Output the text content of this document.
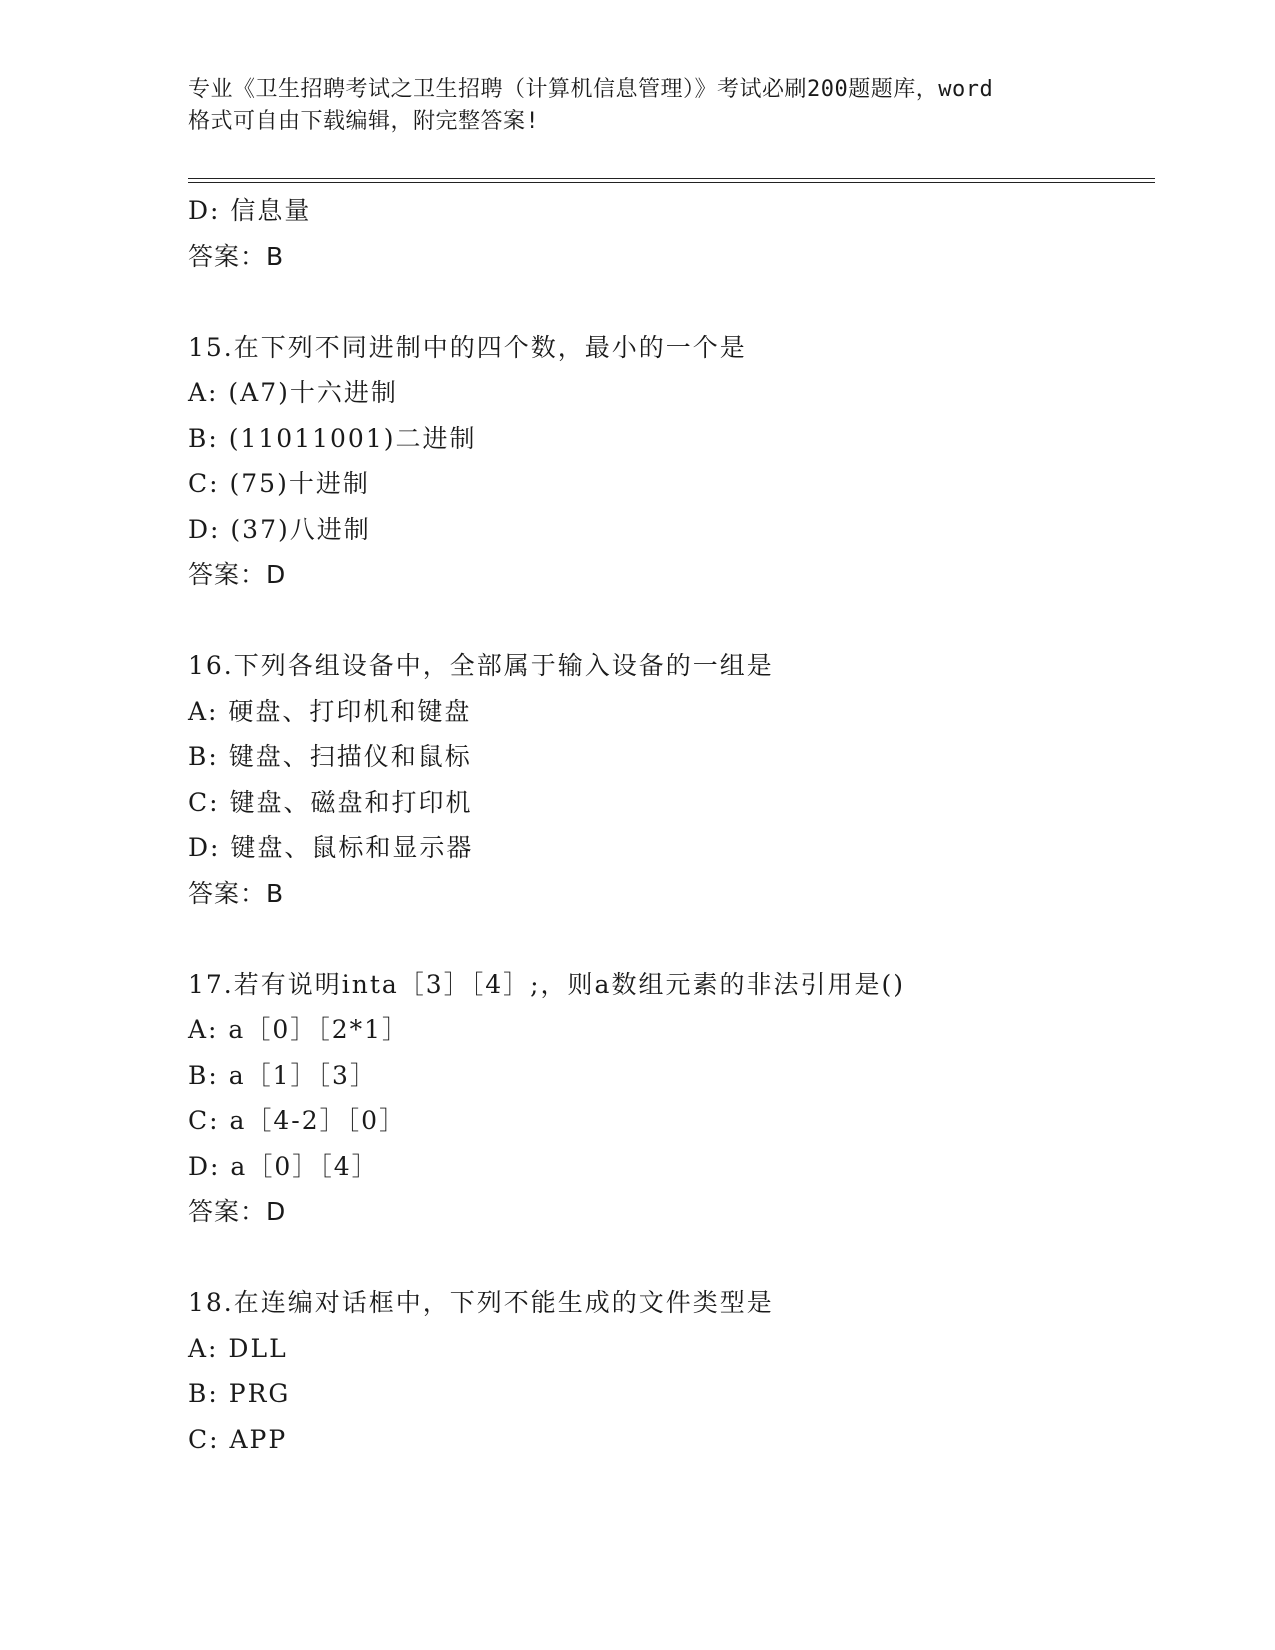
专业《卫生招聘考试之卫生招聘（计算机信息管理）》考试必刷200题题库，word
格式可自由下载编辑，附完整答案!
D: 信息量
答案：B
15.在下列不同进制中的四个数，最小的一个是
A: (A7)十六进制
B: (11011001)二进制
C: (75)十进制
D: (37)八进制
答案：D
16.下列各组设备中，全部属于输入设备的一组是
A: 硬盘、打印机和键盘
B: 键盘、扫描仪和鼠标
C: 键盘、磁盘和打印机
D: 键盘、鼠标和显示器
答案：B
17.若有说明inta［3］［4］;，则a数组元素的非法引用是()
A: a［0］［2*1］
B: a［1］［3］
C: a［4-2］［0］
D: a［0］［4］
答案：D
18.在连编对话框中，下列不能生成的文件类型是
A: DLL
B: PRG
C: APP
